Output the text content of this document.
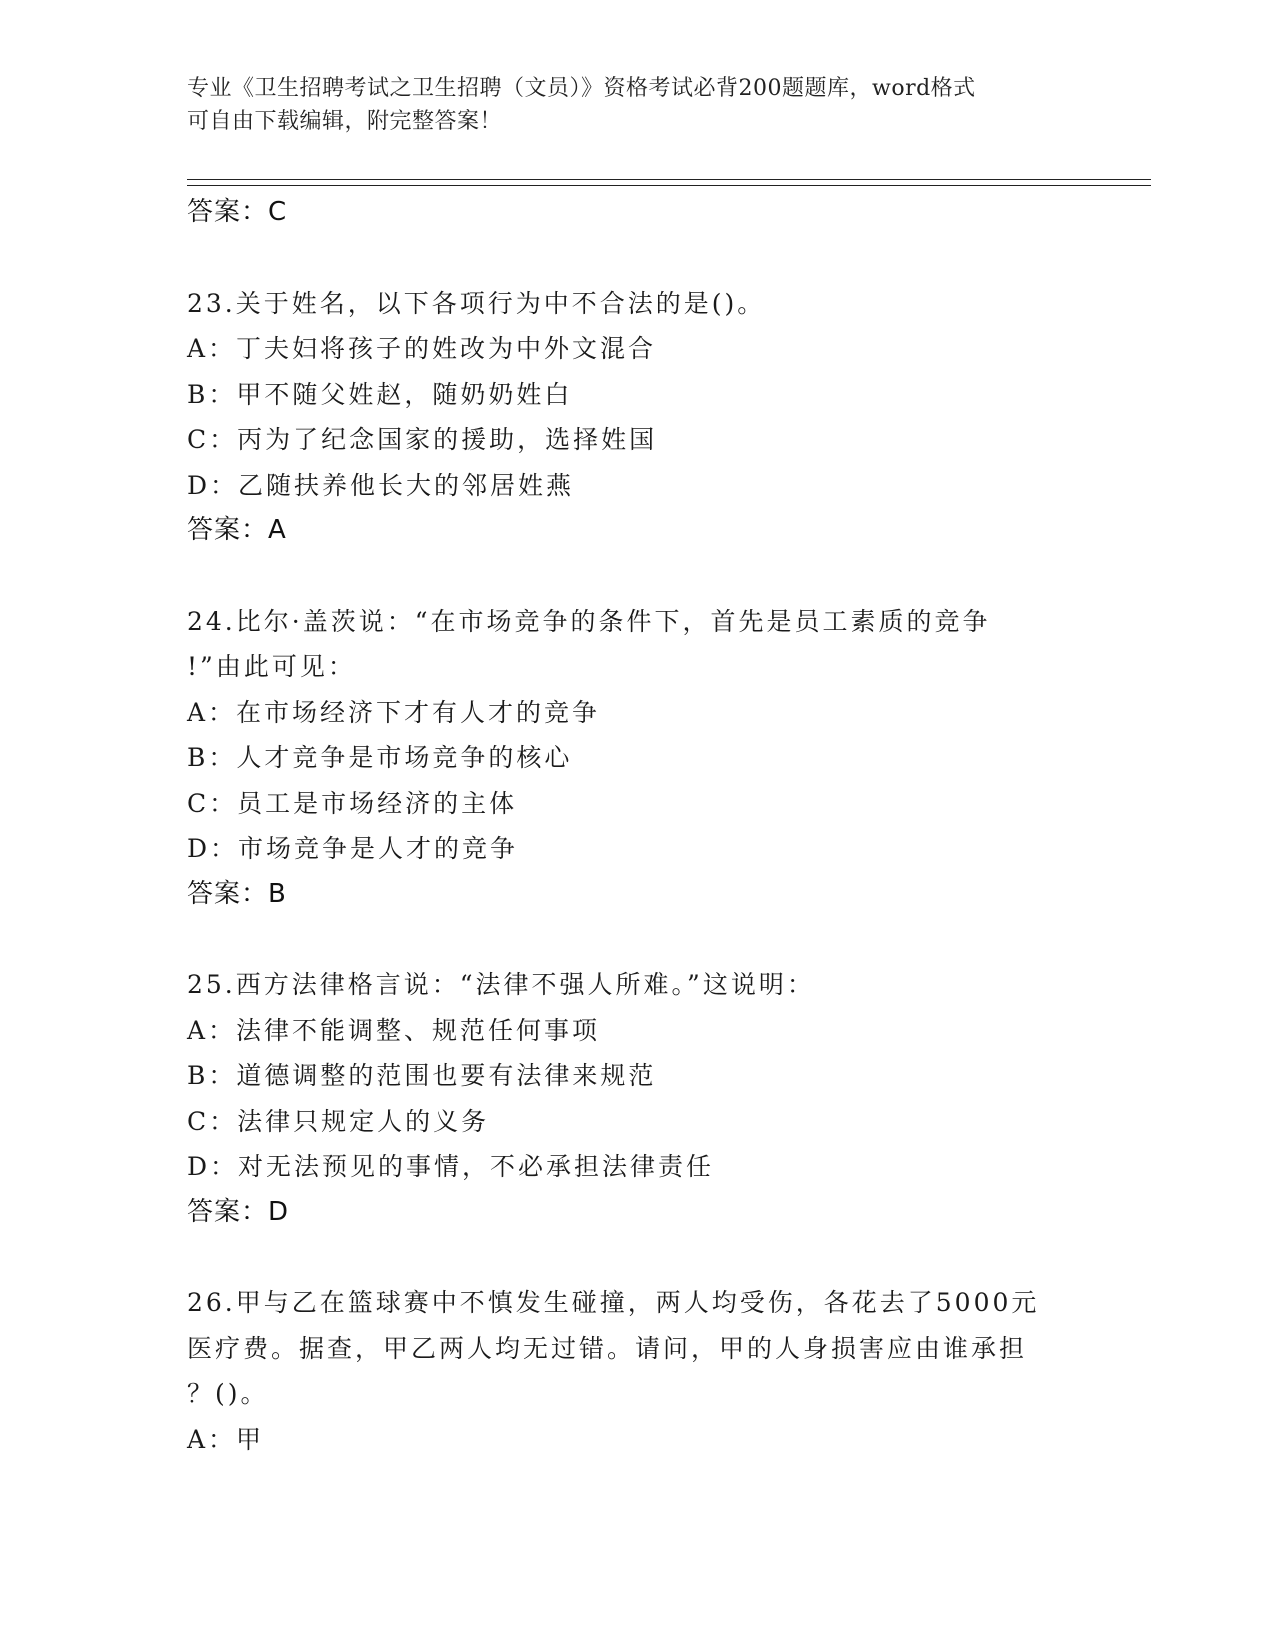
专业《卫生招聘考试之卫生招聘（文员）》资格考试必背200题题库，word格式
可自由下载编辑，附完整答案！
答案：C
23.关于姓名，以下各项行为中不合法的是()。
A：丁夫妇将孩子的姓改为中外文混合
B：甲不随父姓赵，随奶奶姓白
C：丙为了纪念国家的援助，选择姓国
D：乙随扶养他长大的邻居姓燕
答案：A
24.比尔·盖茨说：“在市场竞争的条件下，首先是员工素质的竞争
!”由此可见：
A：在市场经济下才有人才的竞争
B：人才竞争是市场竞争的核心
C：员工是市场经济的主体
D：市场竞争是人才的竞争
答案：B
25.西方法律格言说：“法律不强人所难。”这说明：
A：法律不能调整、规范任何事项
B：道德调整的范围也要有法律来规范
C：法律只规定人的义务
D：对无法预见的事情，不必承担法律责任
答案：D
26.甲与乙在篮球赛中不慎发生碰撞，两人均受伤，各花去了5000元
医疗费。据查，甲乙两人均无过错。请问，甲的人身损害应由谁承担
？()。
A：甲
